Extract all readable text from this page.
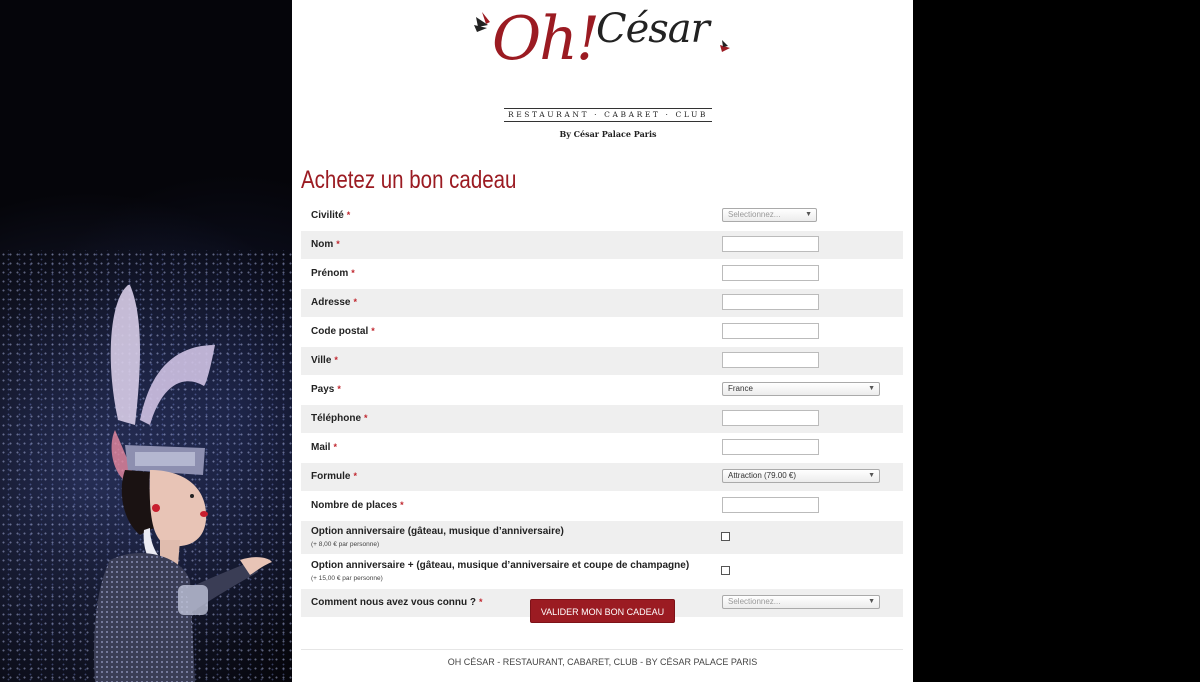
Oh!
César
RESTAURANT · CABARET · CLUB
By César Palace Paris
Achetez un bon cadeau
Civilité *	Selectionnez...	▼
Nom *
Prénom *
Adresse *
Code postal *
Ville *
Pays *	France	▼
Téléphone *
Mail *
Formule *	Attraction (79.00 €)	▼
Nombre de places *
Option anniversaire (gâteau, musique d’anniversaire)
(+ 8,00 € par personne)
Option anniversaire + (gâteau, musique d’anniversaire et coupe de champagne)
(+ 15,00 € par personne)
Comment nous avez vous connu ? *	Selectionnez...	▼
VALIDER MON BON CADEAU
OH CÉSAR - RESTAURANT, CABARET, CLUB - BY CÉSAR PALACE PARIS
